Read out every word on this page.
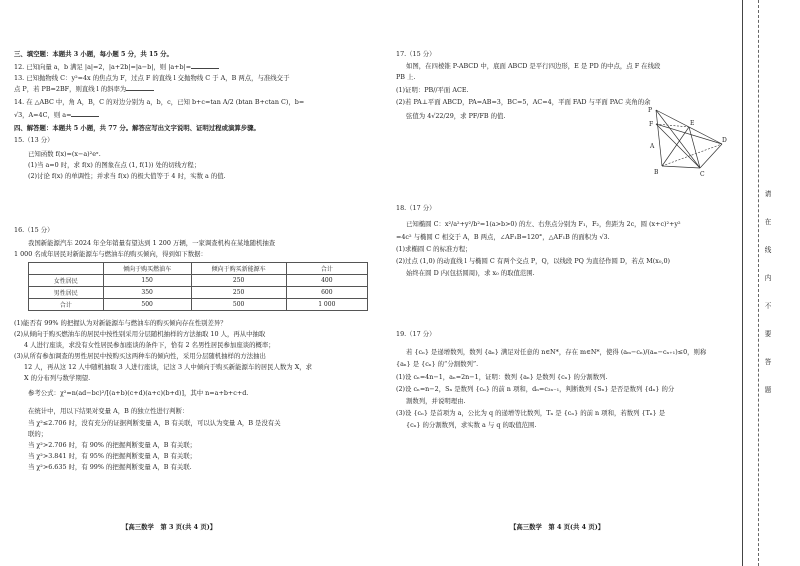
三、填空题：本题共 3 小题，每小题 5 分，共 15 分。
12. 已知向量 a，b 满足 |a|=2，|a+2b|=|a−b|，则 |a+b|=
13. 已知抛物线 C：y²=4x 的焦点为 F，过点 F 的直线 l 交抛物线 C 于 A，B 两点，与准线交于
点 P，若 PB=2BF，则直线 l 的斜率为
14. 在 △ABC 中，角 A，B，C 的对边分别为 a，b，c，已知 b+c=tan A/2 (btan B+ctan C)，b=
√3，A=4C，则 a=
四、解答题：本题共 5 小题，共 77 分。解答应写出文字说明、证明过程或演算步骤。
15.（13 分）
已知函数 f(x)=(x−a)²eˣ.
(1)当 a=0 时，求 f(x) 的图象在点 (1, f(1)) 处的切线方程；
(2)讨论 f(x) 的单调性；并求当 f(x) 的极大值等于 4 时，实数 a 的值.
16.（15 分）
我国新能源汽车 2024 年全年销量有望达到 1 200 万辆，一家调查机构在某地随机抽查
1 000 名成年居民对新能源车与燃油车的购买倾向，得到如下数据：
	倾向于购买燃油车	倾向于购买新能源车	合计
女性居民	150	250	400
男性居民	350	250	600
合计	500	500	1 000
(1)能否有 99% 的把握认为对新能源车与燃油车的购买倾向存在性别差异？
(2)从倾向于购买燃油车的居民中按性别采用分层随机抽样的方法抽取 10 人，再从中抽取
4 人进行座谈，求没有女性居民参加座谈的条件下，恰有 2 名男性居民参加座谈的概率；
(3)从所有参加调查的男性居民中按购买这两种车的倾向性，采用分层随机抽样的方法抽出
12 人，再从这 12 人中随机抽取 3 人进行座谈，记这 3 人中倾向于购买新能源车的居民人数为 X，求
X 的分布列与数学期望.
参考公式：χ²=n(ad−bc)²/[(a+b)(c+d)(a+c)(b+d)]，其中 n=a+b+c+d.
在统计中，用以下结果对变量 A，B 的独立性进行判断：
当 χ²≤2.706 时，没有充分的证据判断变量 A，B 有关联，可以认为变量 A，B 是没有关
联的；
当 χ²>2.706 时，有 90% 的把握判断变量 A，B 有关联；
当 χ²>3.841 时，有 95% 的把握判断变量 A，B 有关联；
当 χ²>6.635 时，有 99% 的把握判断变量 A，B 有关联.
【高三数学　第 3 页(共 4 页)】
17.（15 分）
如图，在四棱锥 P-ABCD 中，底面 ABCD 是平行四边形，E 是 PD 的中点，点 F 在线段
PB 上.
(1)证明：PB//平面 ACE.
(2)若 PA⊥平面 ABCD，PA=AB=3，BC=5，AC=4，平面 FAD 与平面 PAC 夹角的余
弦值为 4√22/29，求 PF/FB 的值.
P
F	E
A
B	C
D
18.（17 分）
已知椭圆 C：x²/a²+y²/b²=1(a>b>0) 的左、右焦点分别为 F₁，F₂，焦距为 2c，圆 (x+c)²+y²
=4c² 与椭圆 C 相交于 A，B 两点，∠AF₁B=120°，△AF₁B 的面积为 √3.
(1)求椭圆 C 的标准方程；
(2)过点 (1,0) 的动直线 l 与椭圆 C 有两个交点 P，Q，以线段 PQ 为直径作圆 D，若点 M(x₀,0)
始终在圆 D 内(包括圆周)，求 x₀ 的取值范围.
19.（17 分）
若 {cₙ} 是递增数列，数列 {aₙ} 满足对任意的 n∈N*，存在 m∈N*，使得 (aₘ−cₙ)/(aₘ−cₙ₊₁)≤0，则称
{aₙ} 是 {cₙ} 的“分割数列”.
(1)设 cₙ=4n−1，aₙ=2n−1，证明：数列 {aₙ} 是数列 {cₙ} 的分割数列.
(2)设 cₙ=n−2，Sₙ 是数列 {cₙ} 的前 n 项和，dₙ=c₃ₙ₋₁，判断数列 {Sₙ} 是否是数列 {dₙ} 的分
割数列，并说明理由.
(3)设 {cₙ} 是首项为 a，公比为 q 的递增等比数列，Tₙ 是 {cₙ} 的前 n 项和，若数列 {Tₙ} 是
{cₙ} 的分割数列，求实数 a 与 q 的取值范围.
【高三数学　第 4 页(共 4 页)】
请
在
线
内
不
要
答
题
